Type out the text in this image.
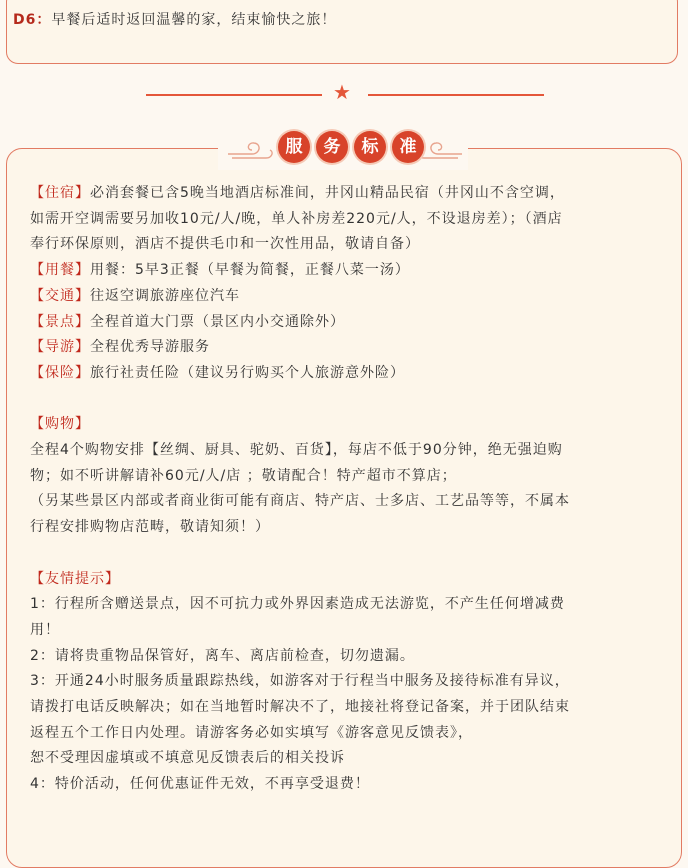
D6：早餐后适时返回温馨的家，结束愉快之旅！
★
服	务	标	准

【住宿】必消套餐已含5晚当地酒店标准间，井冈山精品民宿（井冈山不含空调，

如需开空调需要另加收10元/人/晚，单人补房差220元/人，不设退房差）；（酒店

奉行环保原则，酒店不提供毛巾和一次性用品，敬请自备）

【用餐】用餐：5早3正餐（早餐为简餐，正餐八菜一汤）

【交通】往返空调旅游座位汽车

【景点】全程首道大门票（景区内小交通除外）

【导游】全程优秀导游服务

【保险】旅行社责任险（建议另行购买个人旅游意外险）

【购物】

全程4个购物安排【丝绸、厨具、驼奶、百货】，每店不低于90分钟，绝无强迫购

物；如不听讲解请补60元/人/店 ；敬请配合！特产超市不算店；

（另某些景区内部或者商业街可能有商店、特产店、士多店、工艺品等等，不属本

行程安排购物店范畴，敬请知须！）

【友情提示】

1：行程所含赠送景点，因不可抗力或外界因素造成无法游览，不产生任何增减费

用！

2：请将贵重物品保管好，离车、离店前检查，切勿遗漏。

3：开通24小时服务质量跟踪热线，如游客对于行程当中服务及接待标准有异议，

请拨打电话反映解决；如在当地暂时解决不了，地接社将登记备案，并于团队结束

返程五个工作日内处理。请游客务必如实填写《游客意见反馈表》，

恕不受理因虚填或不填意见反馈表后的相关投诉

4：特价活动，任何优惠证件无效，不再享受退费！
